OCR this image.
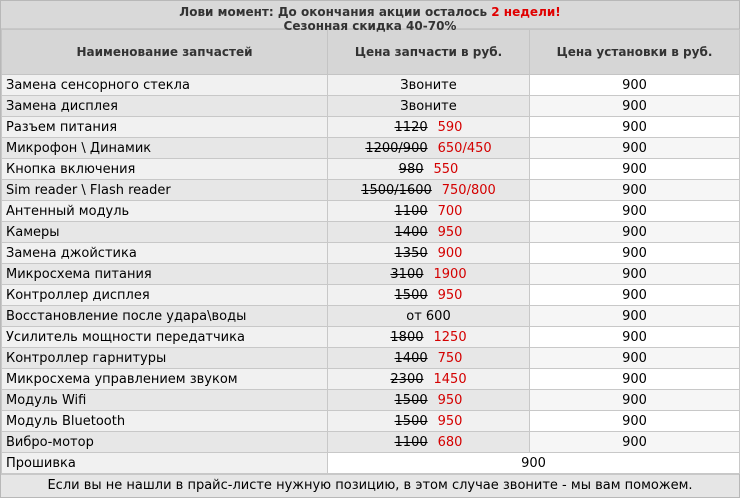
Лови момент: До окончания акции осталось 2 недели!
Сезонная скидка 40-70%
Наименование запчастей	Цена запчасти в руб.	Цена установки в руб.
Замена сенсорного стекла	Звоните	900
Замена дисплея	Звоните	900
Разъем питания	1120 590	900
Микрофон \ Динамик	1200/900 650/450	900
Кнопка включения	980 550	900
Sim reader \ Flash reader	1500/1600 750/800	900
Антенный модуль	1100 700	900
Камеры	1400 950	900
Замена джойстика	1350 900	900
Микросхема питания	3100 1900	900
Контроллер дисплея	1500 950	900
Восстановление после удара\воды	от 600	900
Усилитель мощности передатчика	1800 1250	900
Контроллер гарнитуры	1400 750	900
Микросхема управлением звуком	2300 1450	900
Модуль Wifi	1500 950	900
Модуль Bluetooth	1500 950	900
Вибро-мотор	1100 680	900
Прошивка	900	
Если вы не нашли в прайс-листе нужную позицию, в этом случае звоните - мы вам поможем.
